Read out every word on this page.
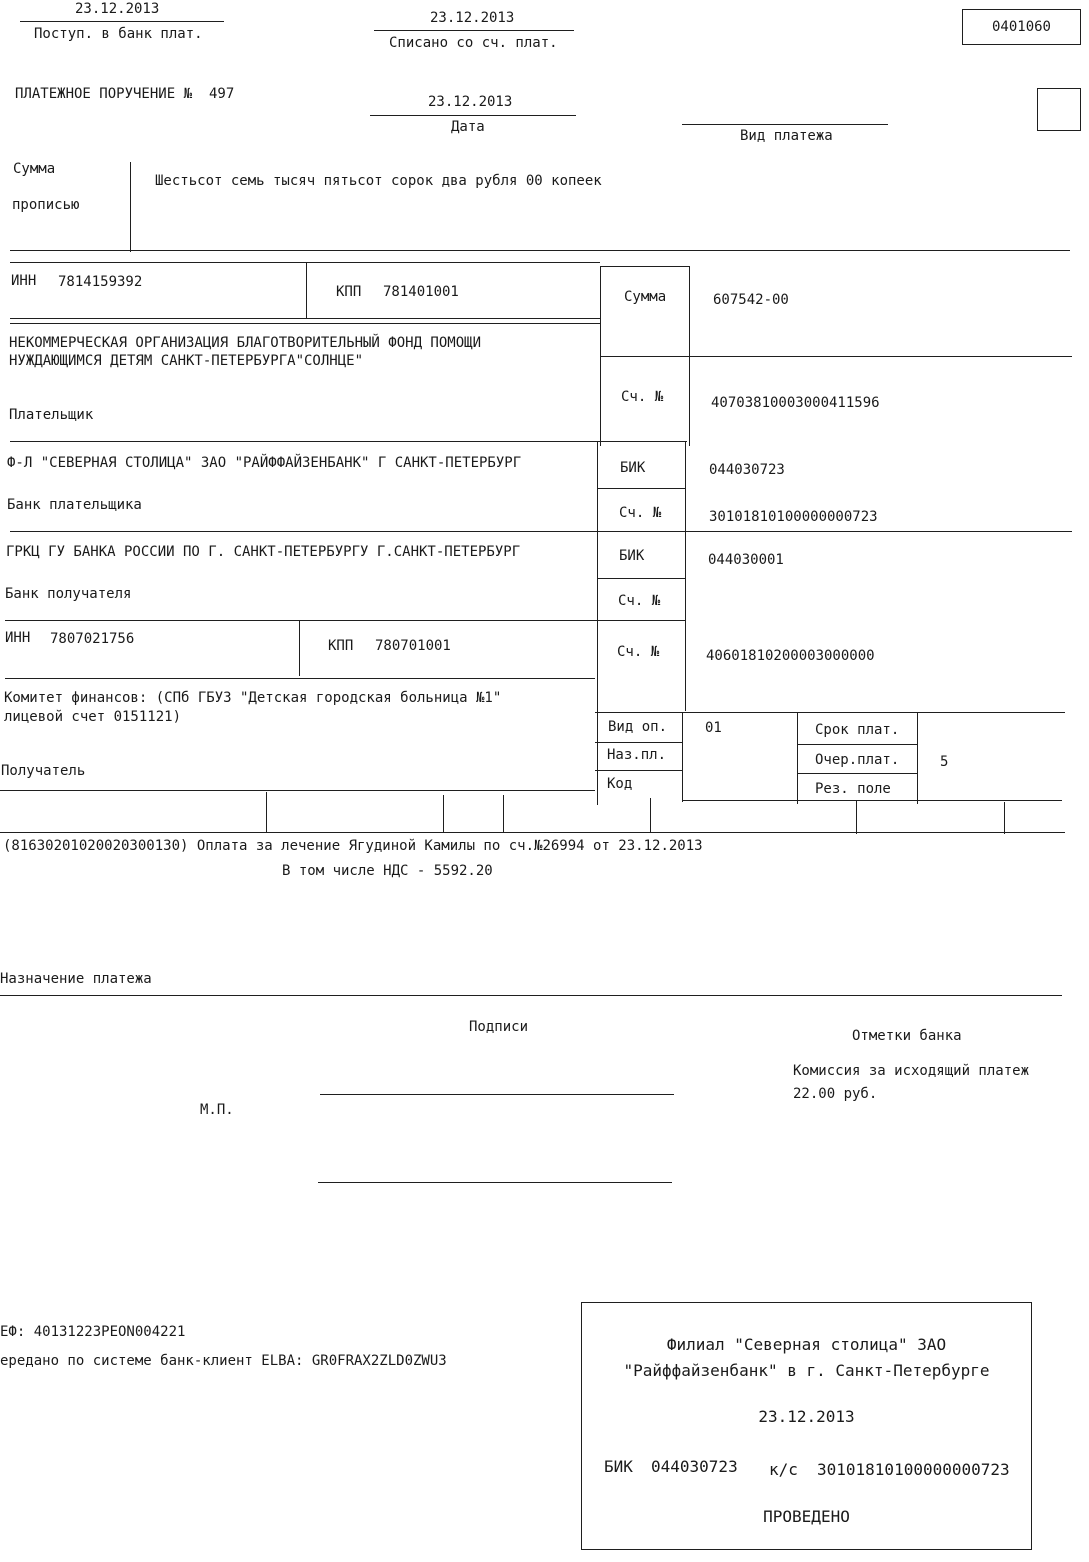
23.12.2013
Поступ. в банк плат.
23.12.2013
Списано со сч. плат.
0401060
ПЛАТЕЖНОЕ ПОРУЧЕНИЕ № 497	23.12.2013
Дата
Вид платежа
Сумма
прописью
Шестьсот семь тысяч пятьсот сорок два рубля 00 копеек
ИНН 7814159392
КПП 781401001	Сумма	607542-00
НЕКОММЕРЧЕСКАЯ ОРГАНИЗАЦИЯ БЛАГОТВОРИТЕЛЬНЫЙ ФОНД ПОМОЩИ
НУЖДАЮЩИМСЯ ДЕТЯМ САНКТ-ПЕТЕРБУРГА"СОЛНЦЕ"
Плательщик
Сч. №	40703810003000411596
Ф-Л "СЕВЕРНАЯ СТОЛИЦА" ЗАО "РАЙФФАЙЗЕНБАНК" Г САНКТ-ПЕТЕРБУРГ
Банк плательщика
БИК	044030723
Сч. №	30101810100000000723
ГРКЦ ГУ БАНКА РОССИИ ПО Г. САНКТ-ПЕТЕРБУРГУ Г.САНКТ-ПЕТЕРБУРГ
Банк получателя
БИК	044030001
Сч. №
ИНН 7807021756	КПП 780701001	Сч. №	40601810200003000000
Комитет финансов: (СПб ГБУЗ "Детская городская больница №1"
лицевой счет 0151121)
Получатель
Вид оп.	01
Наз.пл.
Код
Срок плат.
Очер.плат.	5
Рез. поле
(81630201020020300130) Оплата за лечение Ягудиной Камилы по сч.№26994 от 23.12.2013
В том числе НДС - 5592.20
Назначение платежа
Подписи
Отметки банка
Комиссия за исходящий платеж
22.00 руб.
М.П.
ЕФ: 40131223PEON004221
ередано по системе банк-клиент ELBA: GR0FRAX2ZLD0ZWU3
Филиал "Северная столица" ЗАО
"Райффайзенбанк" в г. Санкт-Петербурге
23.12.2013
БИК 044030723 к/с 30101810100000000723
ПРОВЕДЕНО
